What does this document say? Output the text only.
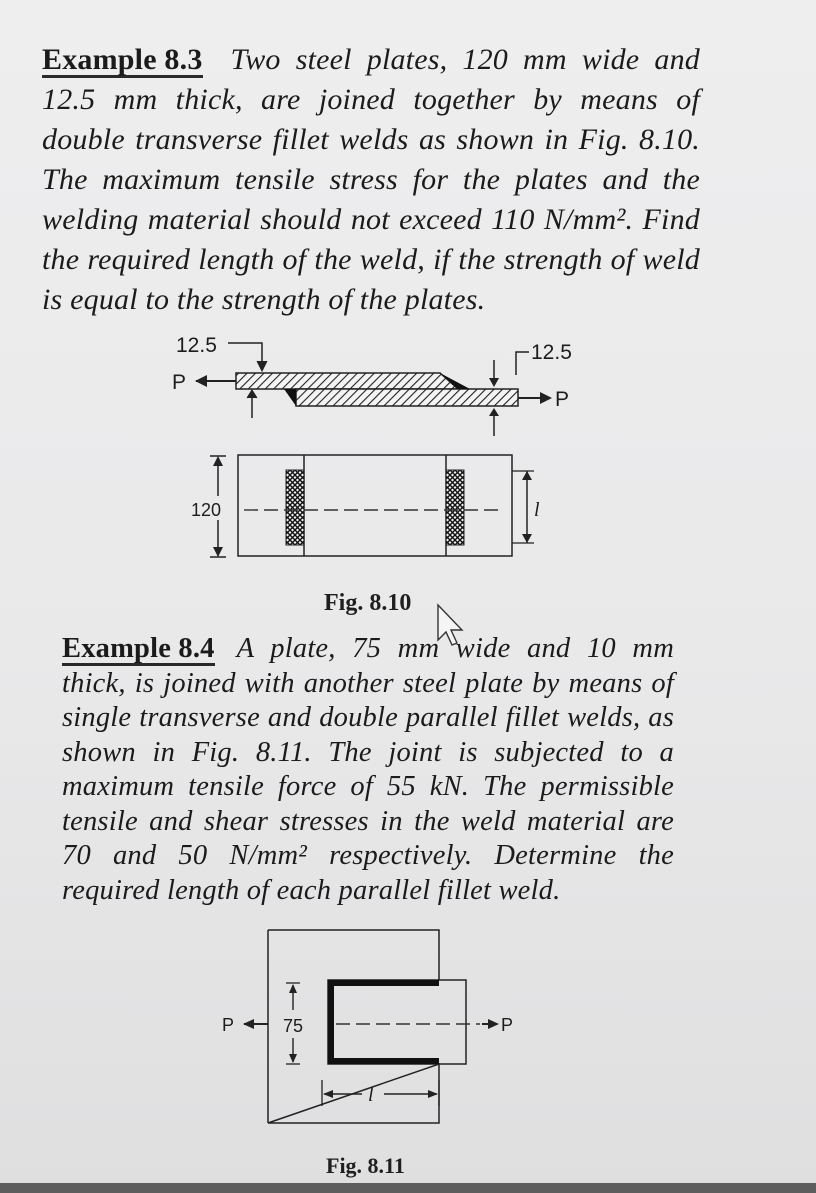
Example 8.3 Two steel plates, 120 mm wide and 12.5 mm thick, are joined together by means of double transverse fillet welds as shown in Fig. 8.10. The maximum tensile stress for the plates and the welding material should not exceed 110 N/mm². Find the required length of the weld, if the strength of weld is equal to the strength of the plates.

12.5
P
12.5
P
120	l

Fig. 8.10

Example 8.4 A plate, 75 mm wide and 10 mm thick, is joined with another steel plate by means of single transverse and double parallel fillet welds, as shown in Fig. 8.11. The joint is subjected to a maximum tensile force of 55 kN. The permissible tensile and shear stresses in the weld material are 70 and 50 N/mm² respectively. Determine the required length of each parallel fillet weld.

P	P
75
l

Fig. 8.11
